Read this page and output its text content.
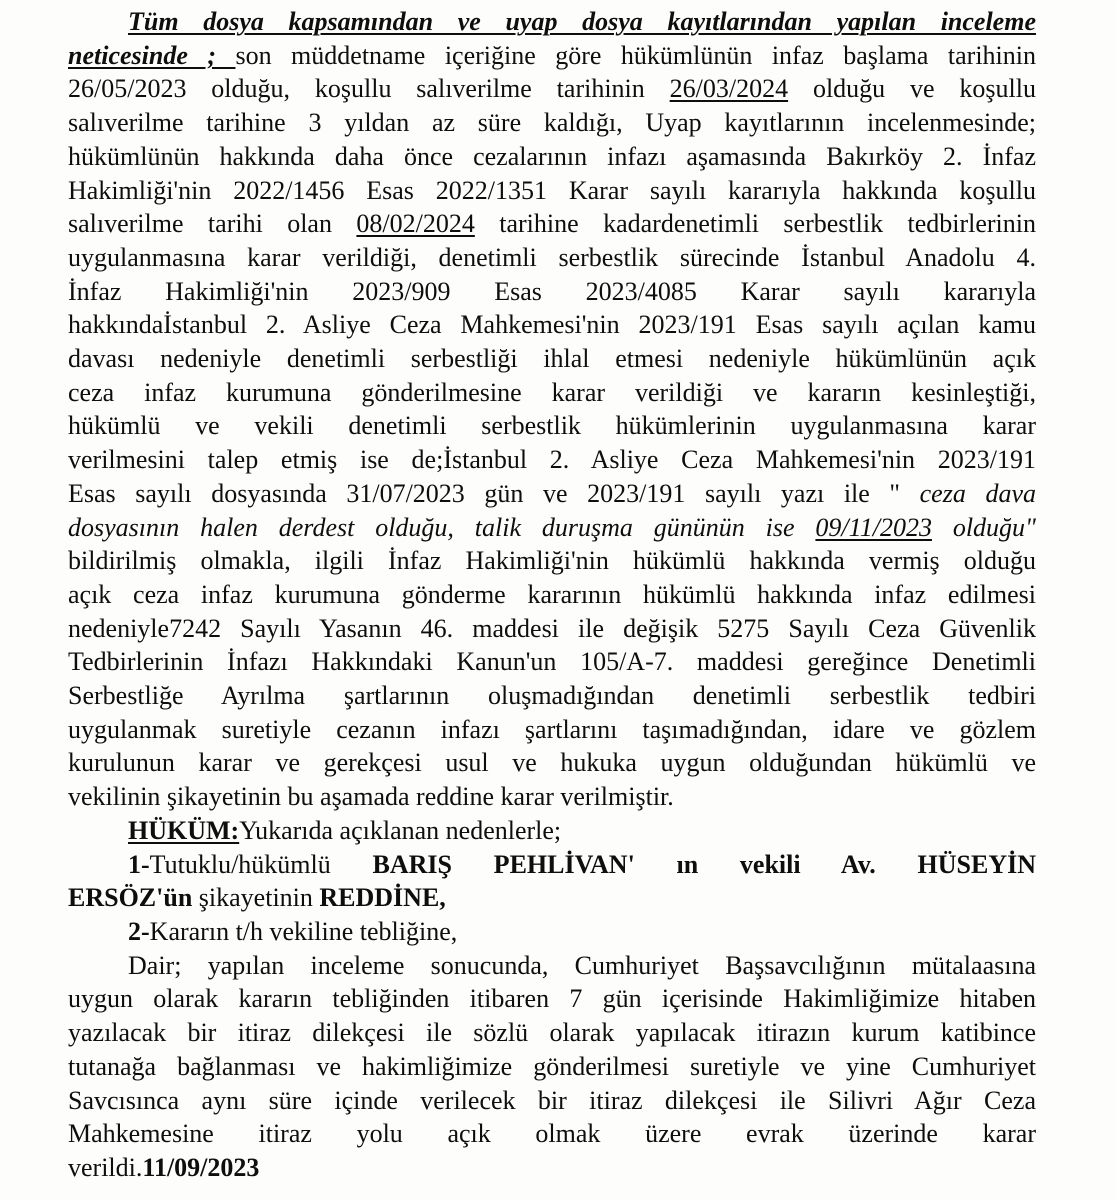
Tüm dosya kapsamından ve uyap dosya kayıtlarından yapılan inceleme
neticesinde ; son müddetname içeriğine göre hükümlünün infaz başlama tarihinin
26/05/2023 olduğu, koşullu salıverilme tarihinin 26/03/2024 olduğu ve koşullu
salıverilme tarihine 3 yıldan az süre kaldığı, Uyap kayıtlarının incelenmesinde;
hükümlünün hakkında daha önce cezalarının infazı aşamasında Bakırköy 2. İnfaz
Hakimliği'nin 2022/1456 Esas 2022/1351 Karar sayılı kararıyla hakkında koşullu
salıverilme tarihi olan 08/02/2024 tarihine kadardenetimli serbestlik tedbirlerinin
uygulanmasına karar verildiği, denetimli serbestlik sürecinde İstanbul Anadolu 4.
İnfaz Hakimliği'nin 2023/909 Esas 2023/4085 Karar sayılı kararıyla
hakkındaİstanbul 2. Asliye Ceza Mahkemesi'nin 2023/191 Esas sayılı açılan kamu
davası nedeniyle denetimli serbestliği ihlal etmesi nedeniyle hükümlünün açık
ceza infaz kurumuna gönderilmesine karar verildiği ve kararın kesinleştiği,
hükümlü ve vekili denetimli serbestlik hükümlerinin uygulanmasına karar
verilmesini talep etmiş ise de;İstanbul 2. Asliye Ceza Mahkemesi'nin 2023/191
Esas sayılı dosyasında 31/07/2023 gün ve 2023/191 sayılı yazı ile " ceza dava
dosyasının halen derdest olduğu, talik duruşma gününün ise 09/11/2023 olduğu"
bildirilmiş olmakla, ilgili İnfaz Hakimliği'nin hükümlü hakkında vermiş olduğu
açık ceza infaz kurumuna gönderme kararının hükümlü hakkında infaz edilmesi
nedeniyle7242 Sayılı Yasanın 46. maddesi ile değişik 5275 Sayılı Ceza Güvenlik
Tedbirlerinin İnfazı Hakkındaki Kanun'un 105/A-7. maddesi gereğince Denetimli
Serbestliğe Ayrılma şartlarının oluşmadığından denetimli serbestlik tedbiri
uygulanmak suretiyle cezanın infazı şartlarını taşımadığından, idare ve gözlem
kurulunun karar ve gerekçesi usul ve hukuka uygun olduğundan hükümlü ve
vekilinin şikayetinin bu aşamada reddine karar verilmiştir.
HÜKÜM:Yukarıda açıklanan nedenlerle;
1-Tutuklu/hükümlü BARIŞ PEHLİVAN' ın vekili Av. HÜSEYİN
ERSÖZ'ün şikayetinin REDDİNE,
2-Kararın t/h vekiline tebliğine,
Dair; yapılan inceleme sonucunda, Cumhuriyet Başsavcılığının mütalaasına
uygun olarak kararın tebliğinden itibaren 7 gün içerisinde Hakimliğimize hitaben
yazılacak bir itiraz dilekçesi ile sözlü olarak yapılacak itirazın kurum katibince
tutanağa bağlanması ve hakimliğimize gönderilmesi suretiyle ve yine Cumhuriyet
Savcısınca aynı süre içinde verilecek bir itiraz dilekçesi ile Silivri Ağır Ceza
Mahkemesine itiraz yolu açık olmak üzere evrak üzerinde karar
verildi.11/09/2023
